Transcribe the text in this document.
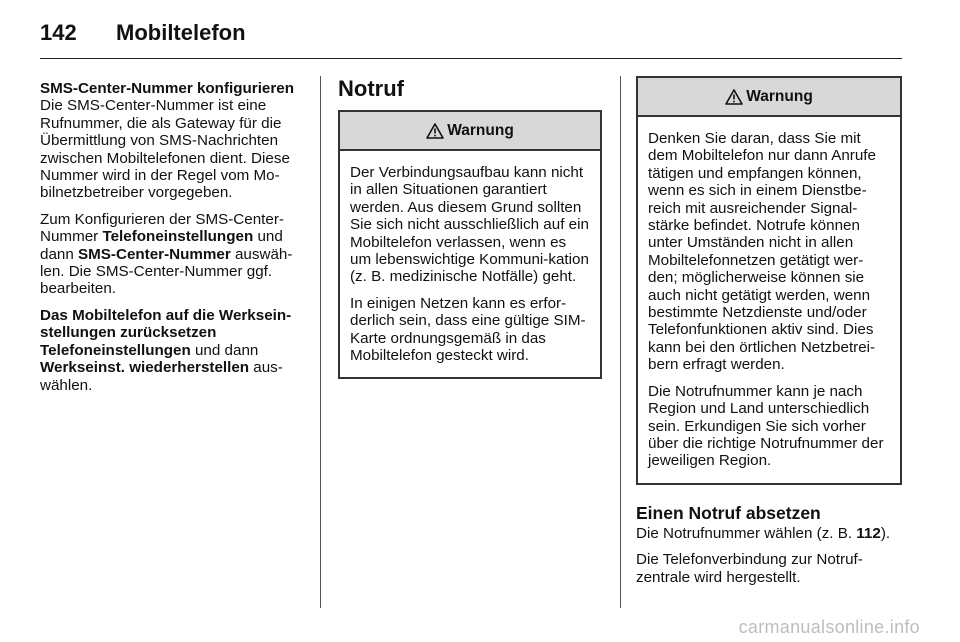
142	Mobiltelefon

SMS-Center-Nummer konfigurieren
Die SMS-Center-Nummer ist eine Rufnummer, die als Gateway für die Übermittlung von SMS-Nachrichten zwischen Mobiltelefonen dient. Diese Nummer wird in der Regel vom Mo-bilnetzbetreiber vorgegeben.

Zum Konfigurieren der SMS-Center-Nummer Telefoneinstellungen und dann SMS-Center-Nummer auswäh-len. Die SMS-Center-Nummer ggf. bearbeiten.

Das Mobiltelefon auf die Werksein-stellungen zurücksetzen
Telefoneinstellungen und dann Werkseinst. wiederherstellen aus-wählen.

Notruf
Warnung

Der Verbindungsaufbau kann nicht in allen Situationen garantiert werden. Aus diesem Grund sollten Sie sich nicht ausschließlich auf ein Mobiltelefon verlassen, wenn es um lebenswichtige Kommuni-kation (z. B. medizinische Notfälle) geht.

In einigen Netzen kann es erfor-derlich sein, dass eine gültige SIM-Karte ordnungsgemäß in das Mobiltelefon gesteckt wird.

Warnung

Denken Sie daran, dass Sie mit dem Mobiltelefon nur dann Anrufe tätigen und empfangen können, wenn es sich in einem Dienstbe-reich mit ausreichender Signal-stärke befindet. Notrufe können unter Umständen nicht in allen Mobiltelefonnetzen getätigt wer-den; möglicherweise können sie auch nicht getätigt werden, wenn bestimmte Netzdienste und/oder Telefonfunktionen aktiv sind. Dies kann bei den örtlichen Netzbetrei-bern erfragt werden.

Die Notrufnummer kann je nach Region und Land unterschiedlich sein. Erkundigen Sie sich vorher über die richtige Notrufnummer der jeweiligen Region.

Einen Notruf absetzen

Die Notrufnummer wählen (z. B. 112).

Die Telefonverbindung zur Notruf-zentrale wird hergestellt.

carmanualsonline.info
